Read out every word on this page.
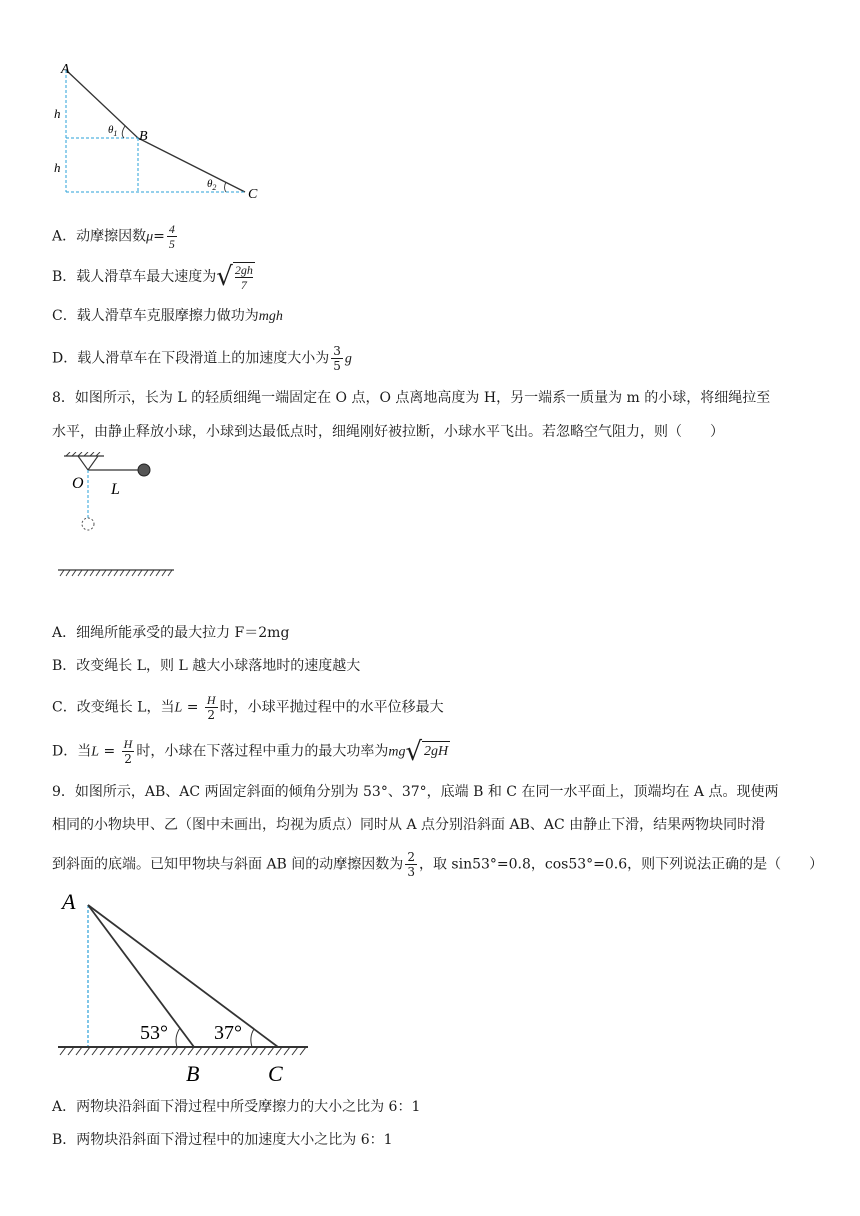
A
B
C
h
h
$\theta_1$
$\theta_2$
A．动摩擦因数$\mu= \frac{4}{5}$
B．载人滑草车最大速度为 √ 2gh
7
C．载人滑草车克服摩擦力做功为mgh
D．载人滑草车在下段滑道上的加速度大小为 $\frac{3}{5}$ g
8．如图所示，长为 L 的轻质细绳一端固定在 O 点，O 点离地高度为 H，另一端系一质量为 m 的小球，将细绳拉至
水平，由静止释放小球，小球到达最低点时，细绳刚好被拉断，小球水平飞出。若忽略空气阻力，则（　　）
O L
A．细绳所能承受的最大拉力 F＝2mg
B．改变绳长 L，则 L 越大小球落地时的速度越大
C．改变绳长 L，当$L = \frac{H}{2}$ 时，小球平抛过程中的水平位移最大
D．当$L = \frac{H}{2}$ 时，小球在下落过程中重力的最大功率为mg √ 2gH
9．如图所示，AB、AC 两固定斜面的倾角分别为 53°、37°，底端 B 和 C 在同一水平面上，顶端均在 A 点。现使两
相同的小物块甲、乙（图中未画出，均视为质点）同时从 A 点分别沿斜面 AB、AC 由静止下滑，结果两物块同时滑
到斜面的底端。已知甲物块与斜面 AB 间的动摩擦因数为 $\frac{2}{3}$ ，取 sin53°=0.8，cos53°=0.6，则下列说法正确的是（　　）
A
B	C
53° 37°
A．两物块沿斜面下滑过程中所受摩擦力的大小之比为 6：1
B．两物块沿斜面下滑过程中的加速度大小之比为 6：1
